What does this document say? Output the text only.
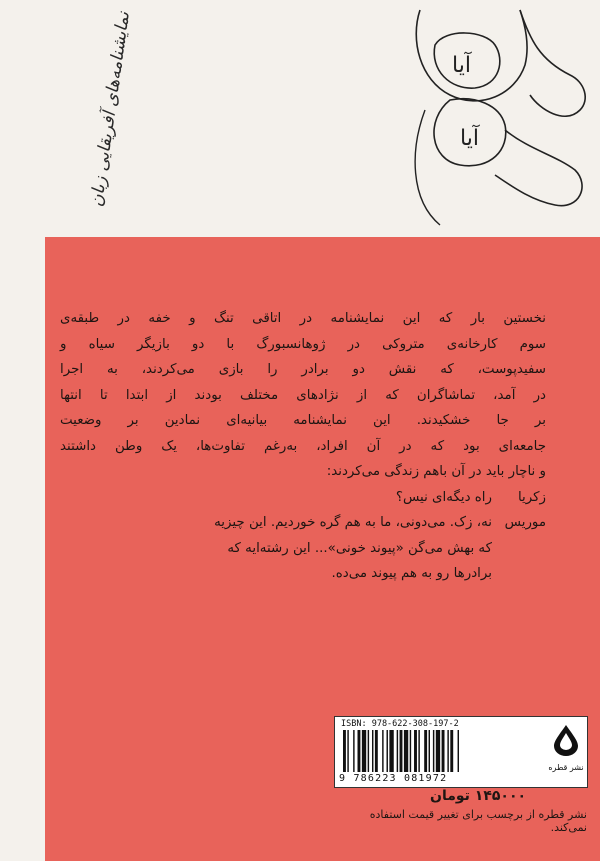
نمایشنامه‌های آفریقایی زبان	آیا
آیا

نخستین بار که این نمایشنامه در اتاقی تنگ و خفه در طبقه‌ی
سوم کارخانه‌ی متروکی در ژوهانسبورگ با دو بازیگر سیاه و
سفیدپوست، که نقش دو برادر را بازی می‌کردند، به اجرا
در آمد، تماشاگران که از نژادهای مختلف بودند از ابتدا تا انتها
بر جا خشکیدند. این نمایشنامه بیانیه‌ای نمادین بر وضعیت
جامعه‌ای بود که در آن افراد، به‌رغم تفاوت‌ها، یک وطن داشتند
و ناچار باید در آن باهم زندگی می‌کردند:

زکریا
راه دیگه‌ای نیس؟
موریس
نه، زک. می‌دونی، ما به هم گره خوردیم. این چیزیه
که بهش می‌گن «پیوند خونی»... این رشته‌ایه که
برادرها رو به هم پیوند می‌ده.
ISBN: 978-622-308-197-2
9 786223 081972
نشر قطره
۱۴۵۰۰۰ تومان
نشر قطره از برچسب برای تغییر قیمت استفاده نمی‌کند.
